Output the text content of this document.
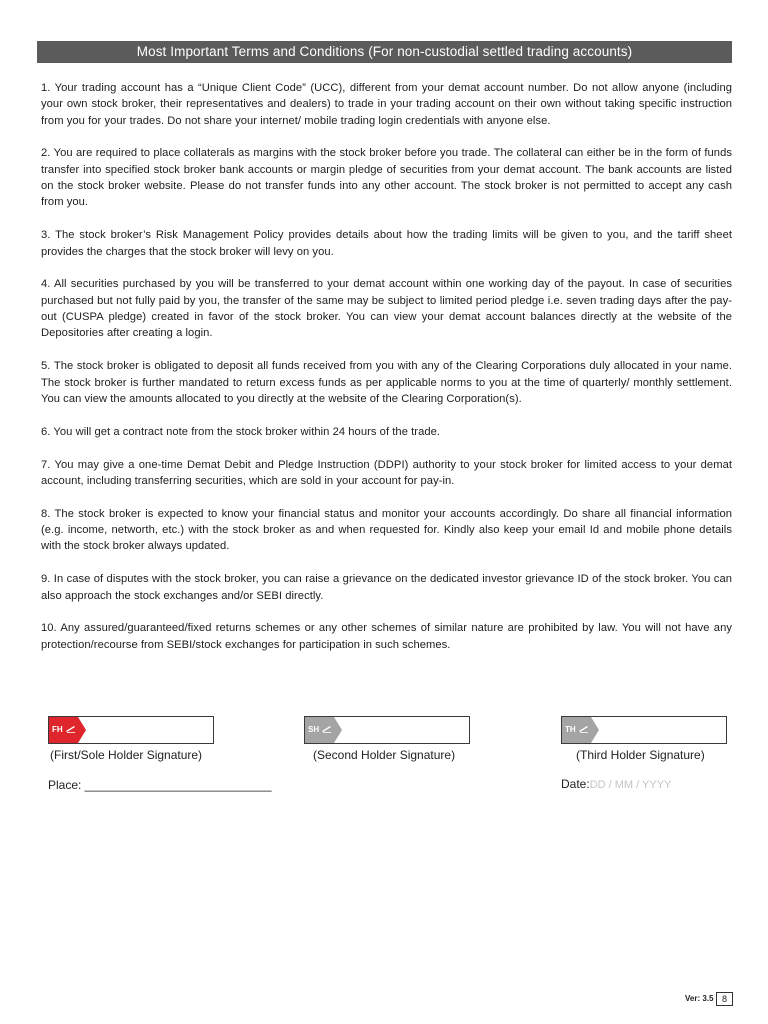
Most Important Terms and Conditions (For non-custodial settled trading accounts)

1. Your trading account has a “Unique Client Code” (UCC), different from your demat account number. Do not allow anyone (including your own stock broker, their representatives and dealers) to trade in your trading account on their own without taking specific instruction from you for your trades. Do not share your internet/ mobile trading login credentials with anyone else.

2. You are required to place collaterals as margins with the stock broker before you trade. The collateral can either be in the form of funds transfer into specified stock broker bank accounts or margin pledge of securities from your demat account. The bank accounts are listed on the stock broker website. Please do not transfer funds into any other account. The stock broker is not permitted to accept any cash from you.

3. The stock broker’s Risk Management Policy provides details about how the trading limits will be given to you, and the tariff sheet provides the charges that the stock broker will levy on you.

4. All securities purchased by you will be transferred to your demat account within one working day of the payout. In case of securities purchased but not fully paid by you, the transfer of the same may be subject to limited period pledge i.e. seven trading days after the pay-out (CUSPA pledge) created in favor of the stock broker. You can view your demat account balances directly at the website of the Depositories after creating a login.

5. The stock broker is obligated to deposit all funds received from you with any of the Clearing Corporations duly allocated in your name. The stock broker is further mandated to return excess funds as per applicable norms to you at the time of quarterly/ monthly settlement. You can view the amounts allocated to you directly at the website of the Clearing Corporation(s).

6. You will get a contract note from the stock broker within 24 hours of the trade.

7. You may give a one-time Demat Debit and Pledge Instruction (DDPI) authority to your stock broker for limited access to your demat account, including transferring securities, which are sold in your account for pay-in.

8. The stock broker is expected to know your financial status and monitor your accounts accordingly. Do share all financial information (e.g. income, networth, etc.) with the stock broker as and when requested for. Kindly also keep your email Id and mobile phone details with the stock broker always updated.

9. In case of disputes with the stock broker, you can raise a grievance on the dedicated investor grievance ID of the stock broker. You can also approach the stock exchanges and/or SEBI directly.

10. Any assured/guaranteed/fixed returns schemes or any other schemes of similar nature are prohibited by law. You will not have any protection/recourse from SEBI/stock exchanges for participation in such schemes.

FH
(First/Sole Holder Signature)
SH
(Second Holder Signature)
TH
(Third Holder Signature)
Place: ____________________________	Date:DD / MM / YYYY
Ver: 3.5 8
